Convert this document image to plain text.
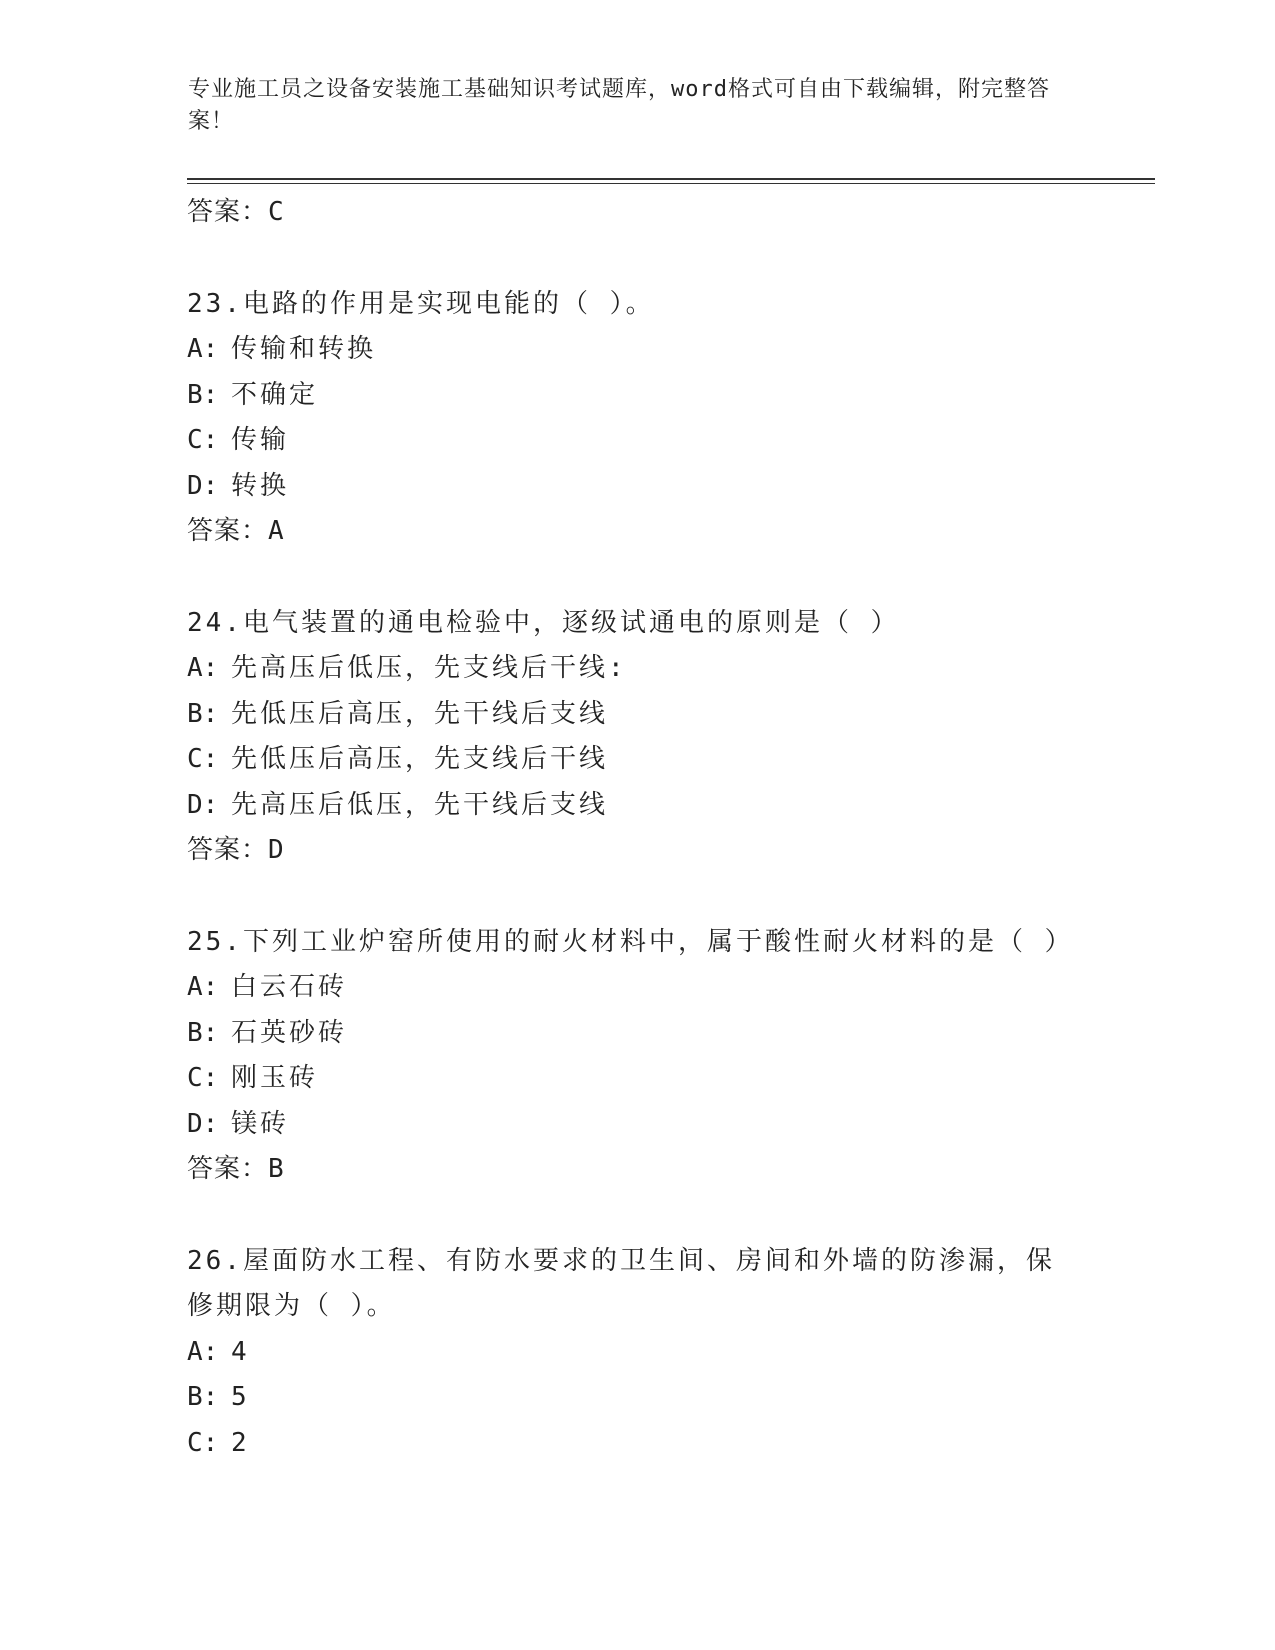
专业施工员之设备安装施工基础知识考试题库，word格式可自由下载编辑，附完整答案！
答案：C
23.电路的作用是实现电能的（ ）。
A: 传输和转换
B: 不确定
C: 传输
D: 转换
答案：A
24.电气装置的通电检验中，逐级试通电的原则是（ ）
A: 先高压后低压，先支线后干线:
B: 先低压后高压，先干线后支线
C: 先低压后高压，先支线后干线
D: 先高压后低压，先干线后支线
答案：D
25.下列工业炉窑所使用的耐火材料中，属于酸性耐火材料的是（ ）
A: 白云石砖
B: 石英砂砖
C: 刚玉砖
D: 镁砖
答案：B
26.屋面防水工程、有防水要求的卫生间、房间和外墙的防渗漏，保修期限为（ ）。
A: 4
B: 5
C: 2
